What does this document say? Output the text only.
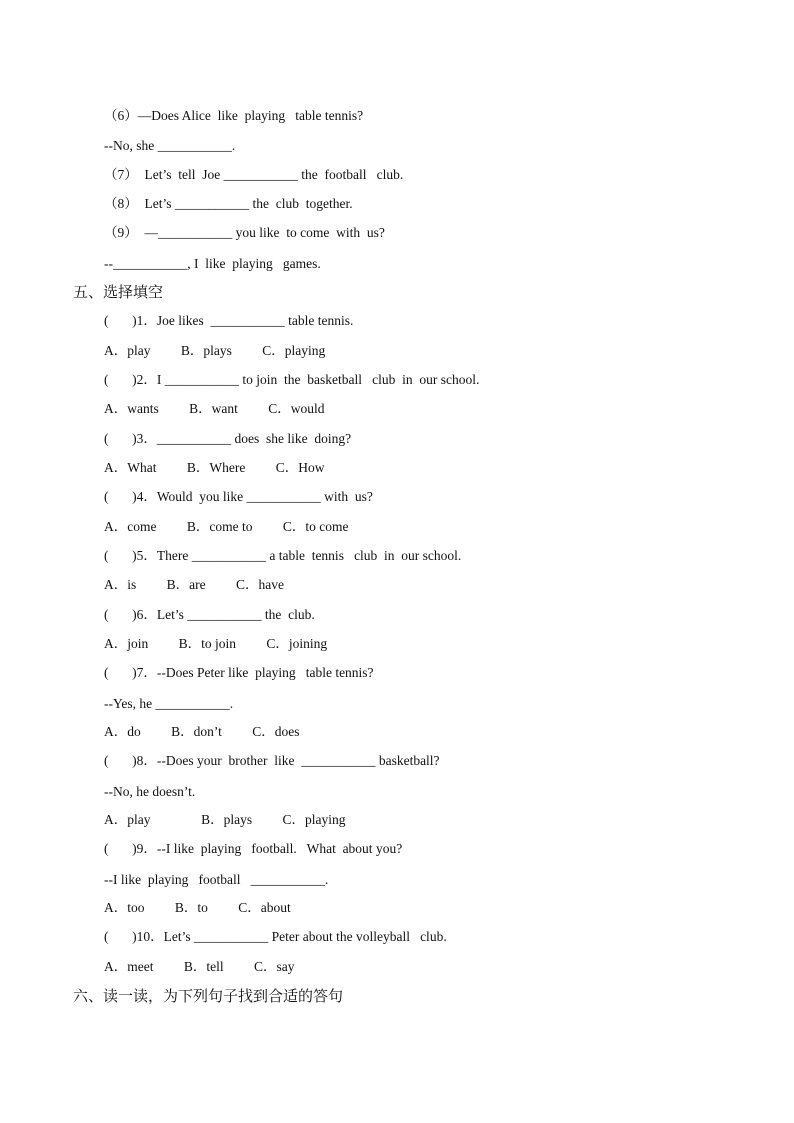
（6）—Does Alice  like  playing   table tennis?
--No, she ___________.
（7）  Let’s  tell  Joe ___________ the  football   club.
（8）  Let’s ___________ the  club  together.
（9）  —___________ you like  to come  with  us?
--___________, I  like  playing   games.
五、选择填空
(       )1．Joe likes  ___________ table tennis.
A．play         B．plays         C．playing
(       )2．I ___________ to join  the  basketball   club  in  our school.
A．wants         B．want         C．would
(       )3．___________ does  she like  doing?
A．What         B．Where         C．How
(       )4．Would  you like ___________ with  us?
A．come         B．come to         C．to come
(       )5．There ___________ a table  tennis   club  in  our school.
A．is         B．are         C．have
(       )6．Let’s ___________ the  club.
A．join         B．to join         C．joining
(       )7．--Does Peter like  playing   table tennis?
--Yes, he ___________.
A．do         B．don’t         C．does
(       )8．--Does your  brother  like  ___________ basketball?
--No, he doesn’t.
A．play               B．plays         C．playing
(       )9．--I like  playing   football.   What  about you?
--I like  playing   football   ___________.
A．too         B．to         C．about
(       )10．Let’s ___________ Peter about the volleyball   club.
A．meet         B．tell         C．say
六、读一读，为下列句子找到合适的答句
